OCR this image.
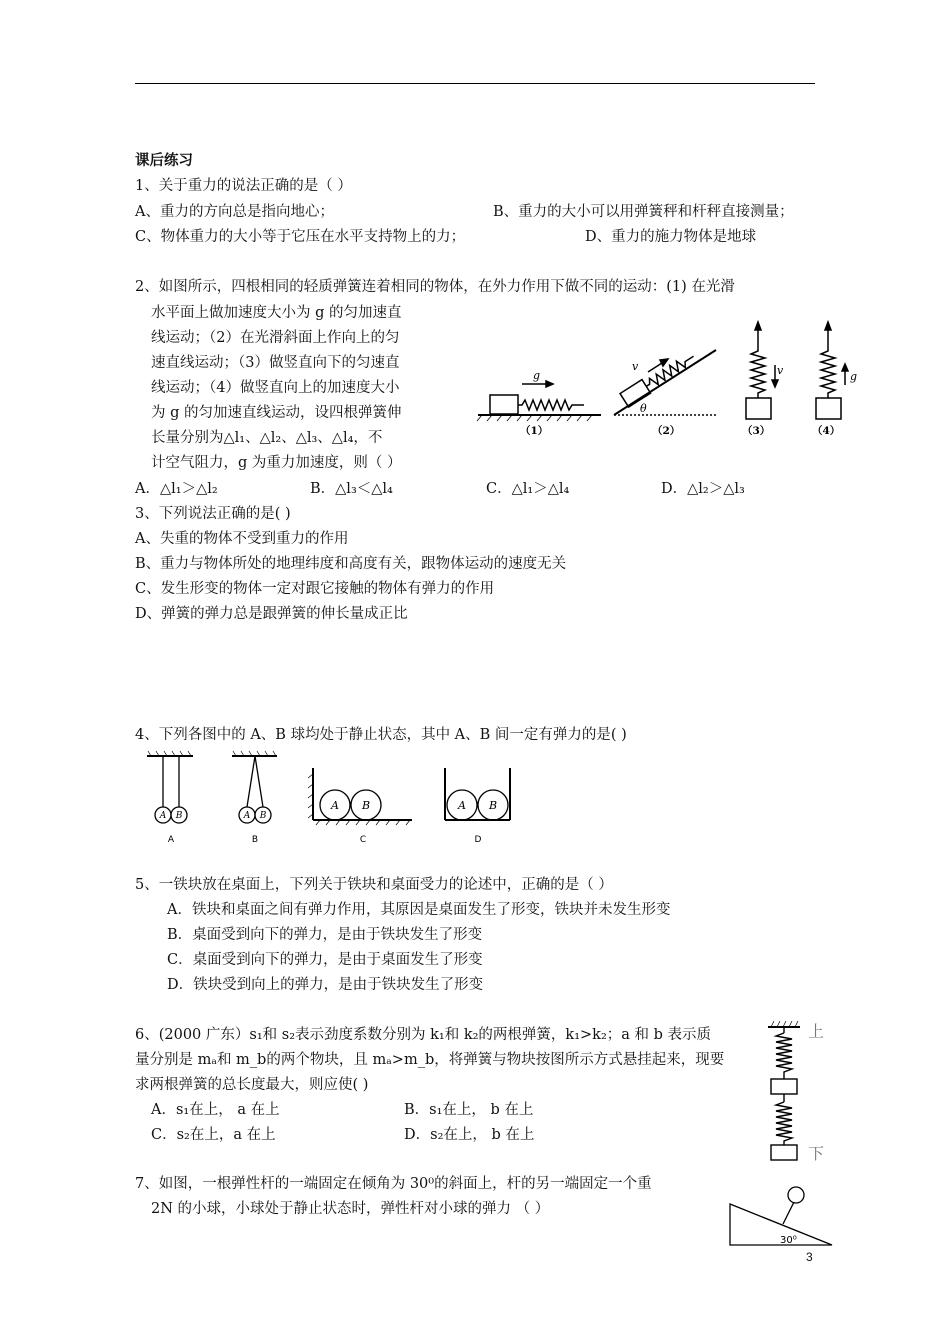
课后练习
1、关于重力的说法正确的是（ ）
A、重力的方向总是指向地心；	B、重力的大小可以用弹簧秤和杆秤直接测量；
C、物体重力的大小等于它压在水平支持物上的力；	D、重力的施力物体是地球
2、如图所示，四根相同的轻质弹簧连着相同的物体，在外力作用下做不同的运动：(1) 在光滑
水平面上做加速度大小为 g 的匀加速直
线运动；（2）在光滑斜面上作向上的匀
速直线运动；（3）做竖直向下的匀速直
线运动；（4）做竖直向上的加速度大小
为 g 的匀加速直线运动，设四根弹簧伸
长量分别为△l₁、△l₂、△l₃、△l₄，不
计空气阻力，g 为重力加速度，则（ ）
A．△l₁＞△l₂	B．△l₃＜△l₄	C．△l₁＞△l₄	D．△l₂＞△l₃
g
v
θ
v	g
（1）	（2）	（3）	（4）
3、下列说法正确的是( )
A、失重的物体不受到重力的作用
B、重力与物体所处的地理纬度和高度有关，跟物体运动的速度无关
C、发生形变的物体一定对跟它接触的物体有弹力的作用
D、弹簧的弹力总是跟弹簧的伸长量成正比
4、下列各图中的 A、B 球均处于静止状态，其中 A、B 间一定有弹力的是( )
A B	A B
A B	A B
A	B	C	D
5、一铁块放在桌面上，下列关于铁块和桌面受力的论述中，正确的是（ ）
A．铁块和桌面之间有弹力作用，其原因是桌面发生了形变，铁块并未发生形变
B．桌面受到向下的弹力，是由于铁块发生了形变
C．桌面受到向下的弹力，是由于桌面发生了形变
D．铁块受到向上的弹力，是由于铁块发生了形变
6、(2000 广东）s₁和 s₂表示劲度系数分别为 k₁和 k₂的两根弹簧，k₁>k₂；a 和 b 表示质
量分别是 mₐ和 m_b的两个物块，且 mₐ>m_b，将弹簧与物块按图所示方式悬挂起来，现要
求两根弹簧的总长度最大，则应使( )
A．s₁在上， a 在上	B．s₁在上， b 在上
C．s₂在上，a 在上	D．s₂在上， b 在上
上
下
7、如图，一根弹性杆的一端固定在倾角为 30⁰的斜面上，杆的另一端固定一个重
2N 的小球，小球处于静止状态时，弹性杆对小球的弹力 （ ）
30⁰
3
